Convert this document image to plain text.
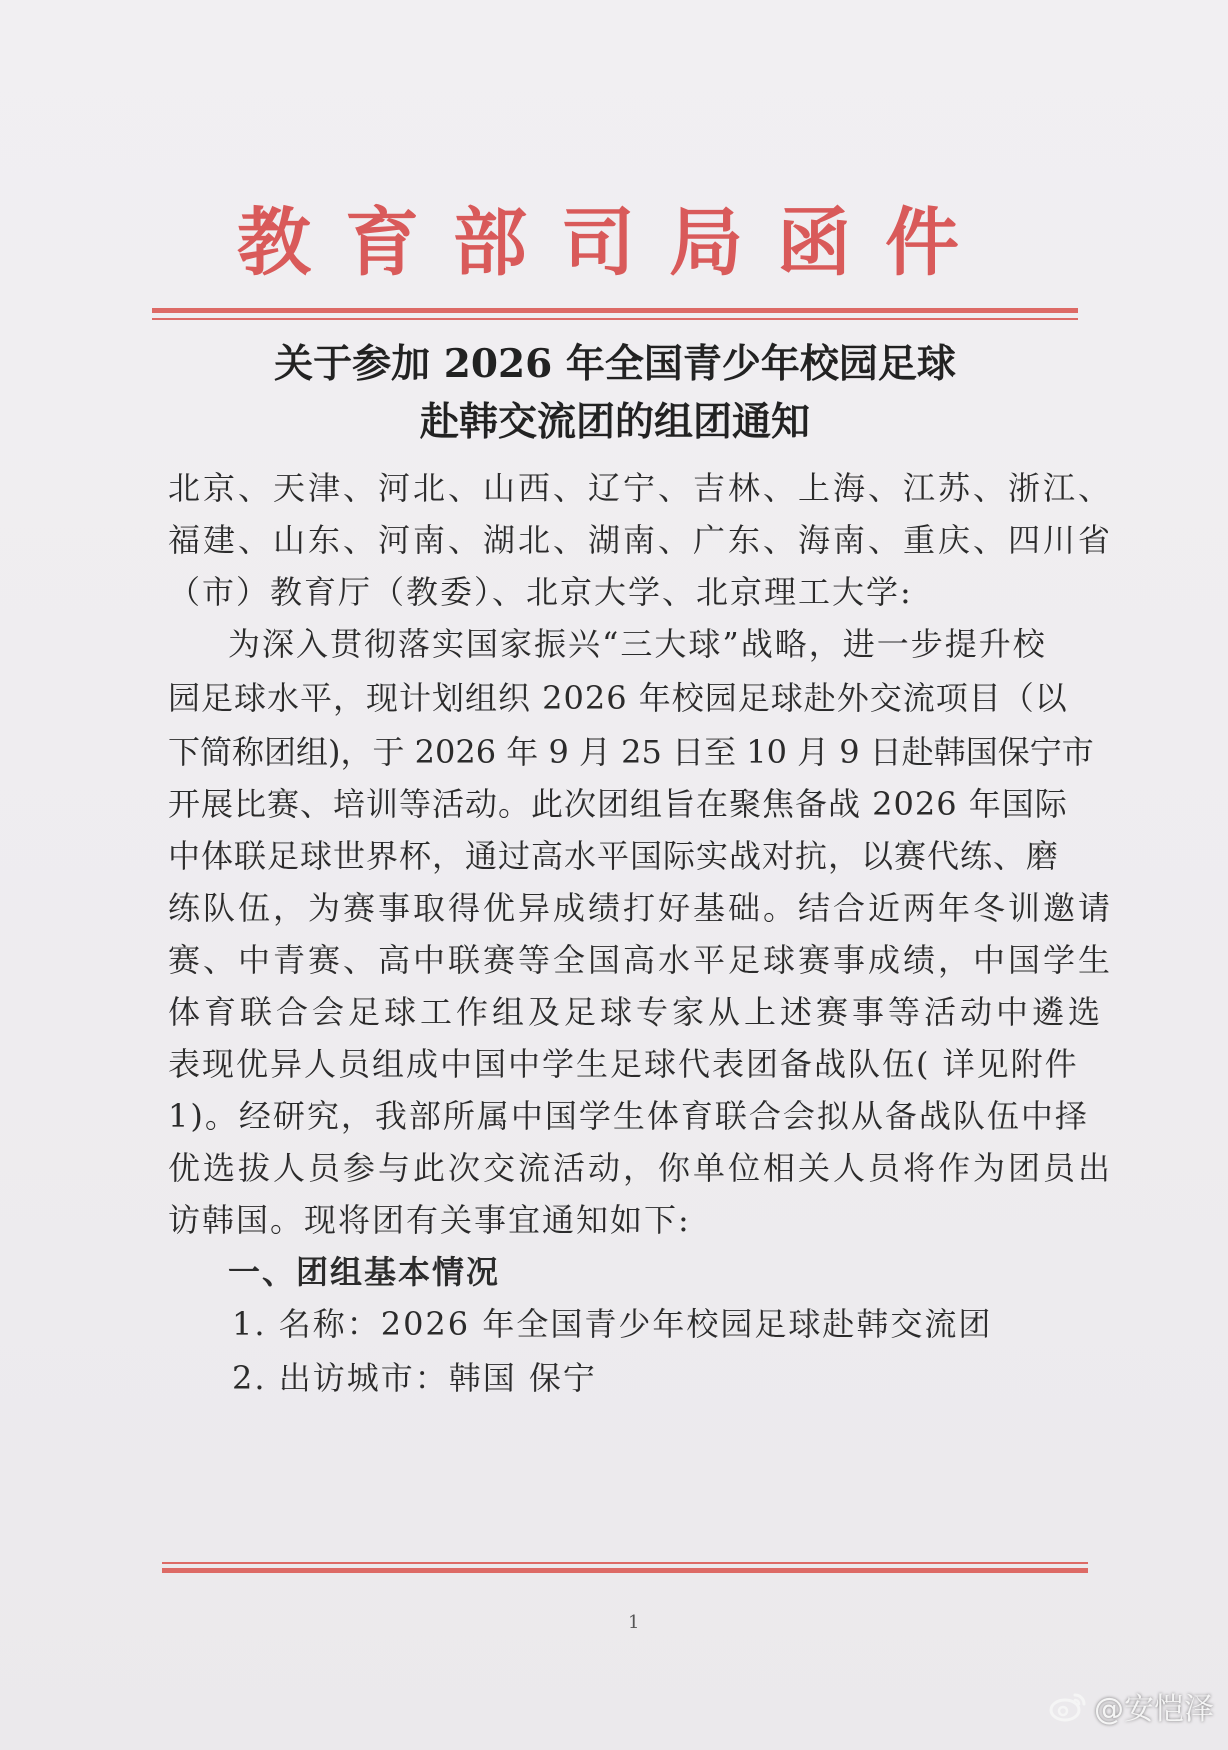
教育部司局函件
关于参加 2026 年全国青少年校园足球
赴韩交流团的组团通知
北京、天津、河北、山西、辽宁、吉林、上海、江苏、浙江、
福建、山东、河南、湖北、湖南、广东、海南、重庆、四川省
（市）教育厅（教委）、北京大学、北京理工大学:
为深入贯彻落实国家振兴“三大球”战略，进一步提升校
园足球水平，现计划组织 2026 年校园足球赴外交流项目（以
下简称团组)，于 2026 年 9 月 25 日至 10 月 9 日赴韩国保宁市
开展比赛、培训等活动。此次团组旨在聚焦备战 2026 年国际
中体联足球世界杯，通过高水平国际实战对抗，以赛代练、磨
练队伍，为赛事取得优异成绩打好基础。结合近两年冬训邀请
赛、中青赛、高中联赛等全国高水平足球赛事成绩，中国学生
体育联合会足球工作组及足球专家从上述赛事等活动中遴选
表现优异人员组成中国中学生足球代表团备战队伍( 详见附件
1)。经研究，我部所属中国学生体育联合会拟从备战队伍中择
优选拔人员参与此次交流活动，你单位相关人员将作为团员出
访韩国。现将团有关事宜通知如下:
一、团组基本情况
1. 名称：2026 年全国青少年校园足球赴韩交流团
2. 出访城市：韩国 保宁
1
@安恺泽
